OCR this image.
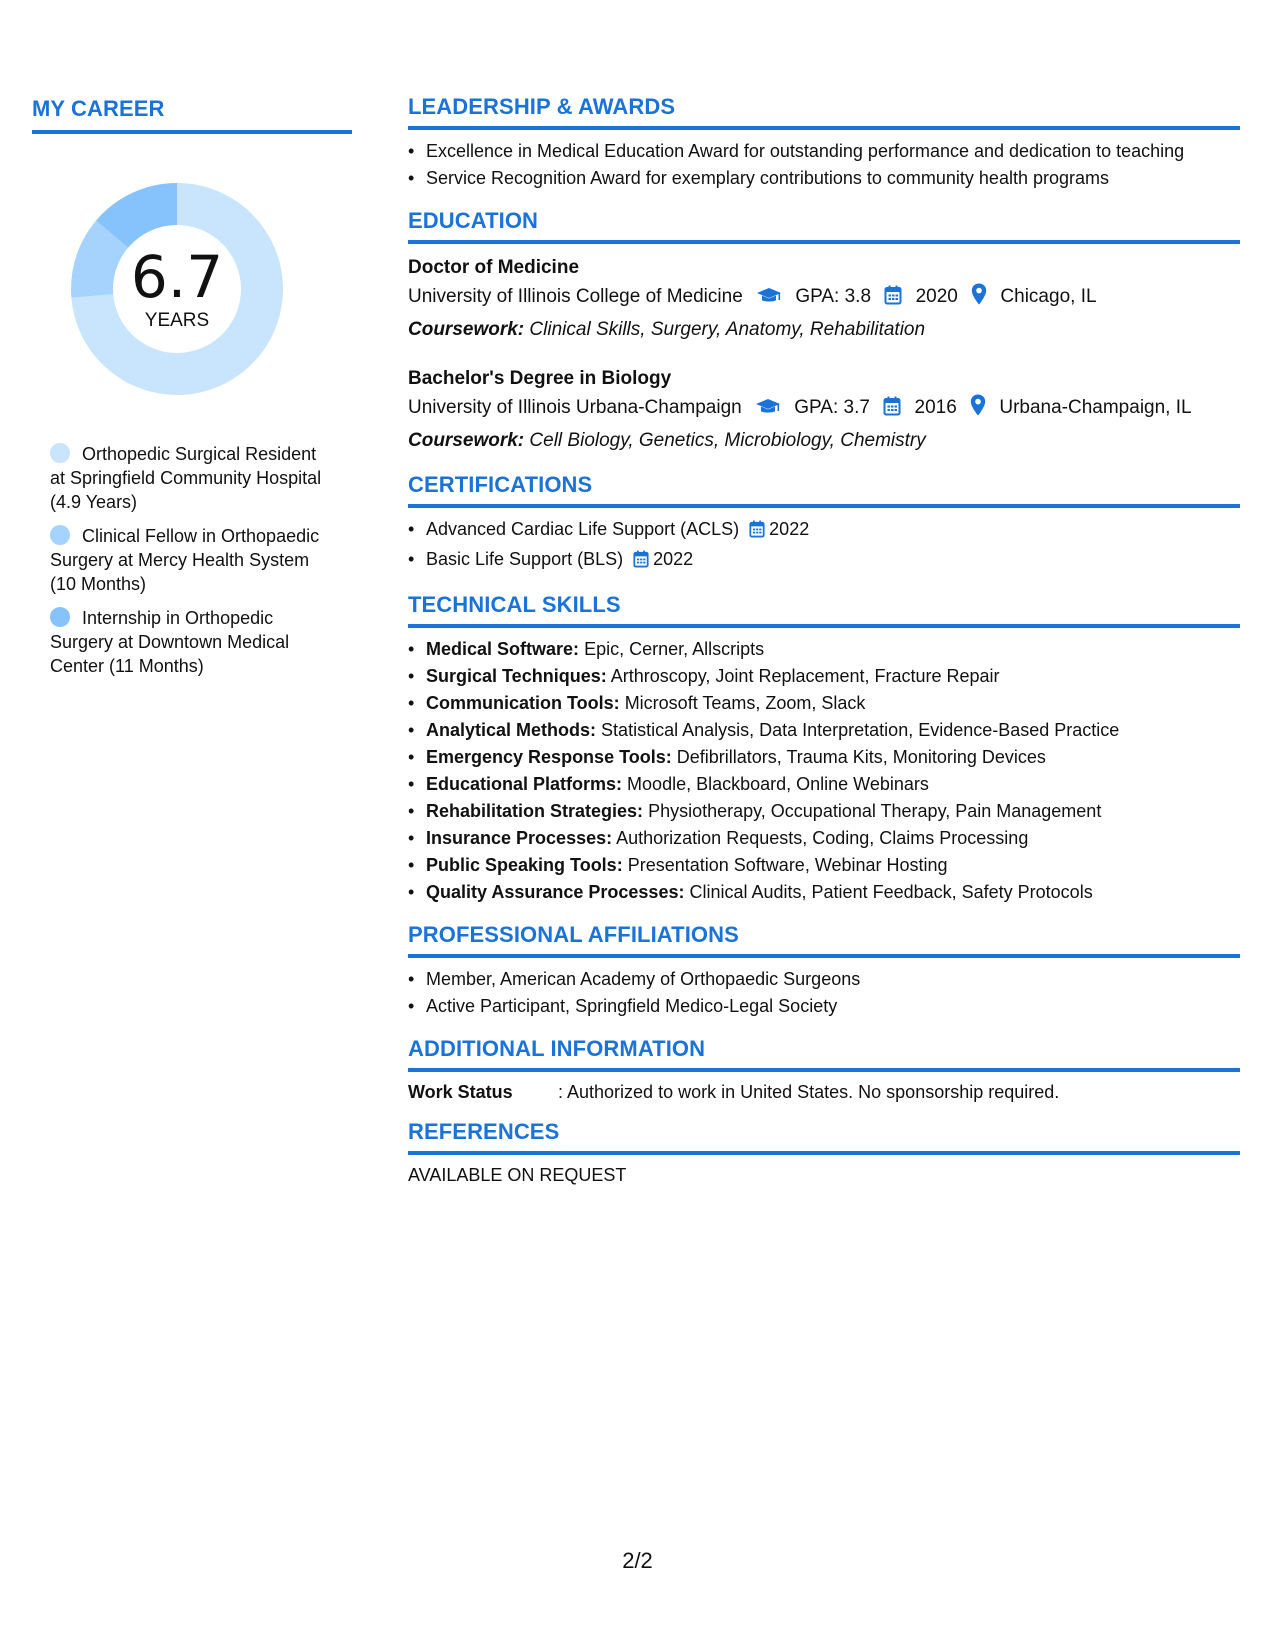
MY CAREER
6.7
YEARS
Orthopedic Surgical Resident at Springfield Community Hospital (4.9 Years)
Clinical Fellow in Orthopaedic Surgery at Mercy Health System (10 Months)
Internship in Orthopedic Surgery at Downtown Medical Center (11 Months)
LEADERSHIP & AWARDS
• Excellence in Medical Education Award for outstanding performance and dedication to teaching
• Service Recognition Award for exemplary contributions to community health programs
EDUCATION
Doctor of Medicine
University of Illinois College of Medicine	GPA: 3.8 2020 Chicago, IL
Coursework: Clinical Skills, Surgery, Anatomy, Rehabilitation
Bachelor's Degree in Biology
University of Illinois Urbana-Champaign	GPA: 3.7 2016 Urbana-Champaign, IL
Coursework: Cell Biology, Genetics, Microbiology, Chemistry
CERTIFICATIONS
• Advanced Cardiac Life Support (ACLS) 2022
• Basic Life Support (BLS) 2022
TECHNICAL SKILLS
• Medical Software: Epic, Cerner, Allscripts
• Surgical Techniques: Arthroscopy, Joint Replacement, Fracture Repair
• Communication Tools: Microsoft Teams, Zoom, Slack
• Analytical Methods: Statistical Analysis, Data Interpretation, Evidence-Based Practice
• Emergency Response Tools: Defibrillators, Trauma Kits, Monitoring Devices
• Educational Platforms: Moodle, Blackboard, Online Webinars
• Rehabilitation Strategies: Physiotherapy, Occupational Therapy, Pain Management
• Insurance Processes: Authorization Requests, Coding, Claims Processing
• Public Speaking Tools: Presentation Software, Webinar Hosting
• Quality Assurance Processes: Clinical Audits, Patient Feedback, Safety Protocols
PROFESSIONAL AFFILIATIONS
• Member, American Academy of Orthopaedic Surgeons
• Active Participant, Springfield Medico-Legal Society
ADDITIONAL INFORMATION
Work Status	: Authorized to work in United States. No sponsorship required.
REFERENCES
AVAILABLE ON REQUEST
2/2
